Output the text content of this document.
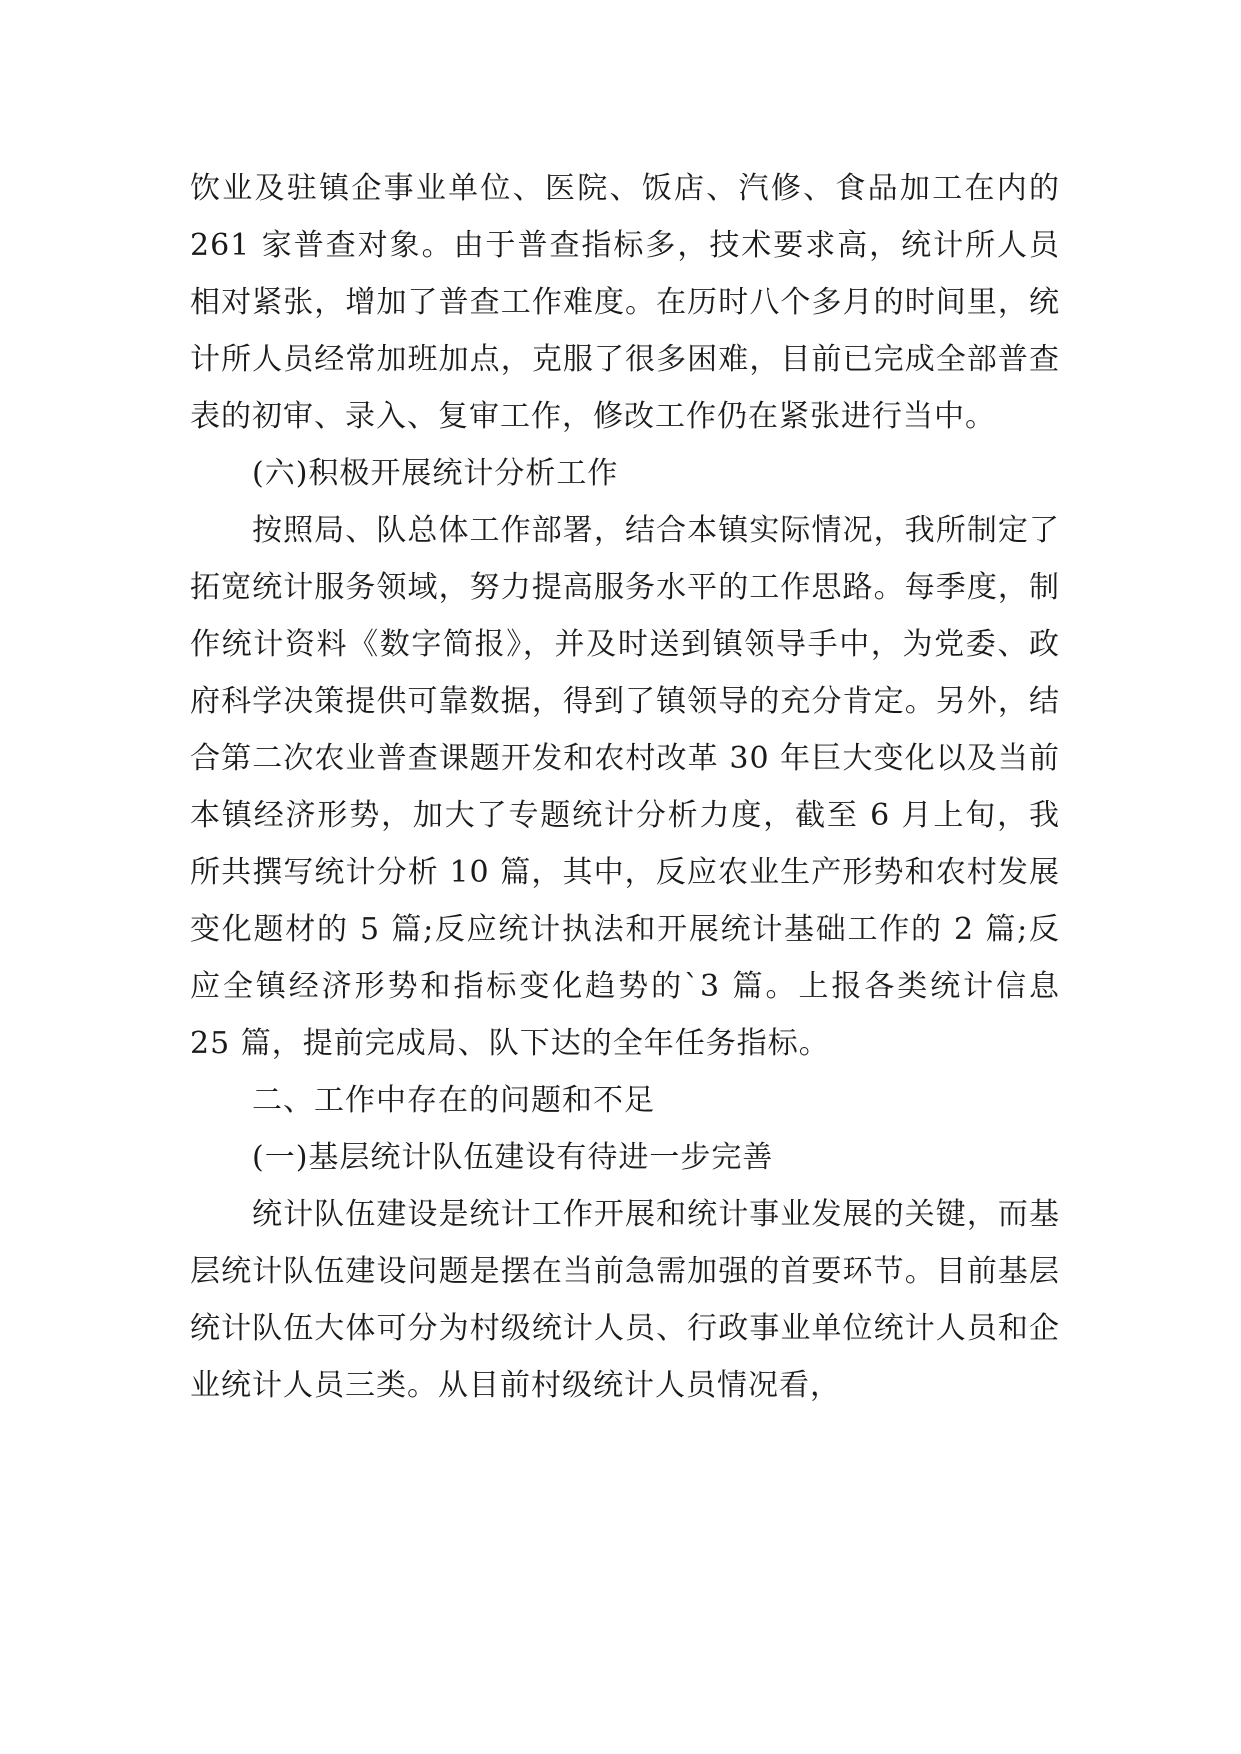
饮业及驻镇企事业单位、医院、饭店、汽修、食品加工在内的 261 家普查对象。由于普查指标多，技术要求高，统计所人员相对紧张，增加了普查工作难度。在历时八个多月的时间里，统计所人员经常加班加点，克服了很多困难，目前已完成全部普查表的初审、录入、复审工作，修改工作仍在紧张进行当中。

(六)积极开展统计分析工作

按照局、队总体工作部署，结合本镇实际情况，我所制定了拓宽统计服务领域，努力提高服务水平的工作思路。每季度，制作统计资料《数字简报》，并及时送到镇领导手中，为党委、政府科学决策提供可靠数据，得到了镇领导的充分肯定。另外，结合第二次农业普查课题开发和农村改革 30 年巨大变化以及当前本镇经济形势，加大了专题统计分析力度，截至 6 月上旬，我所共撰写统计分析 10 篇，其中，反应农业生产形势和农村发展变化题材的 5 篇;反应统计执法和开展统计基础工作的 2 篇;反应全镇经济形势和指标变化趋势的`3 篇。上报各类统计信息 25 篇，提前完成局、队下达的全年任务指标。

二、工作中存在的问题和不足

(一)基层统计队伍建设有待进一步完善

统计队伍建设是统计工作开展和统计事业发展的关键，而基层统计队伍建设问题是摆在当前急需加强的首要环节。目前基层统计队伍大体可分为村级统计人员、行政事业单位统计人员和企业统计人员三类。从目前村级统计人员情况看，
